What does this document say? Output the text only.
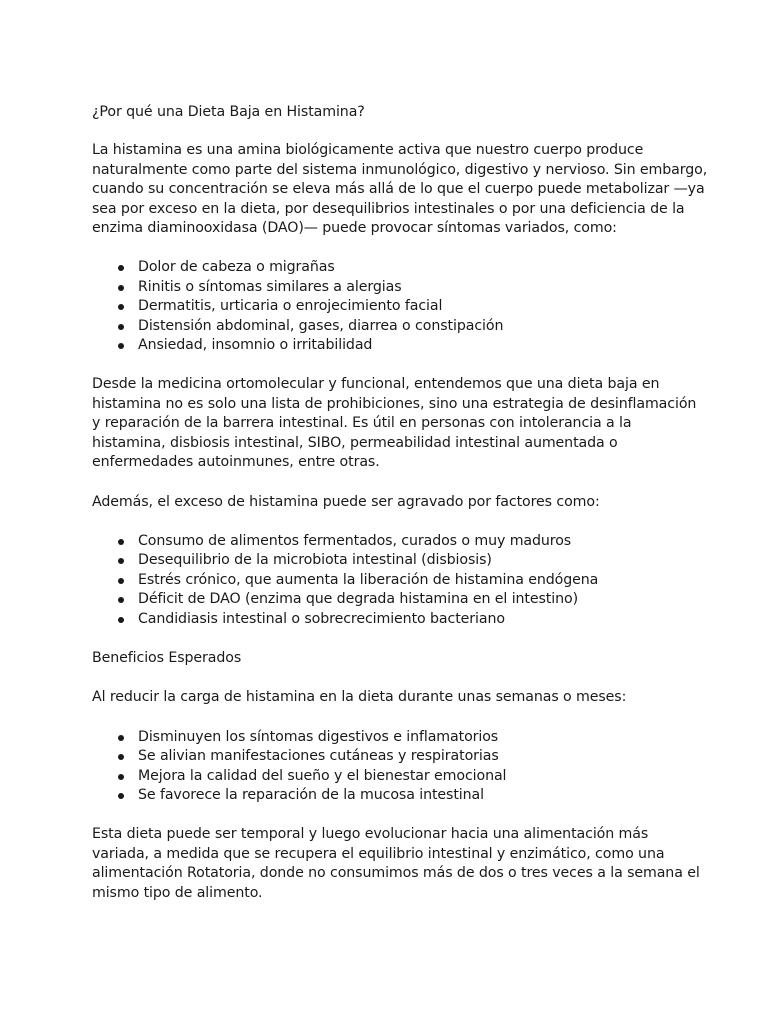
¿Por qué una Dieta Baja en Histamina?

La histamina es una amina biológicamente activa que nuestro cuerpo produce naturalmente como parte del sistema inmunológico, digestivo y nervioso. Sin embargo, cuando su concentración se eleva más allá de lo que el cuerpo puede metabolizar —ya sea por exceso en la dieta, por desequilibrios intestinales o por una deficiencia de la enzima diaminooxidasa (DAO)— puede provocar síntomas variados, como:

Dolor de cabeza o migrañas
Rinitis o síntomas similares a alergias
Dermatitis, urticaria o enrojecimiento facial
Distensión abdominal, gases, diarrea o constipación
Ansiedad, insomnio o irritabilidad

Desde la medicina ortomolecular y funcional, entendemos que una dieta baja en histamina no es solo una lista de prohibiciones, sino una estrategia de desinflamación y reparación de la barrera intestinal. Es útil en personas con intolerancia a la histamina, disbiosis intestinal, SIBO, permeabilidad intestinal aumentada o enfermedades autoinmunes, entre otras.

Además, el exceso de histamina puede ser agravado por factores como:

Consumo de alimentos fermentados, curados o muy maduros
Desequilibrio de la microbiota intestinal (disbiosis)
Estrés crónico, que aumenta la liberación de histamina endógena
Déficit de DAO (enzima que degrada histamina en el intestino)
Candidiasis intestinal o sobrecrecimiento bacteriano

Beneficios Esperados

Al reducir la carga de histamina en la dieta durante unas semanas o meses:

Disminuyen los síntomas digestivos e inflamatorios
Se alivian manifestaciones cutáneas y respiratorias
Mejora la calidad del sueño y el bienestar emocional
Se favorece la reparación de la mucosa intestinal

Esta dieta puede ser temporal y luego evolucionar hacia una alimentación más variada, a medida que se recupera el equilibrio intestinal y enzimático, como una alimentación Rotatoria, donde no consumimos más de dos o tres veces a la semana el mismo tipo de alimento.
